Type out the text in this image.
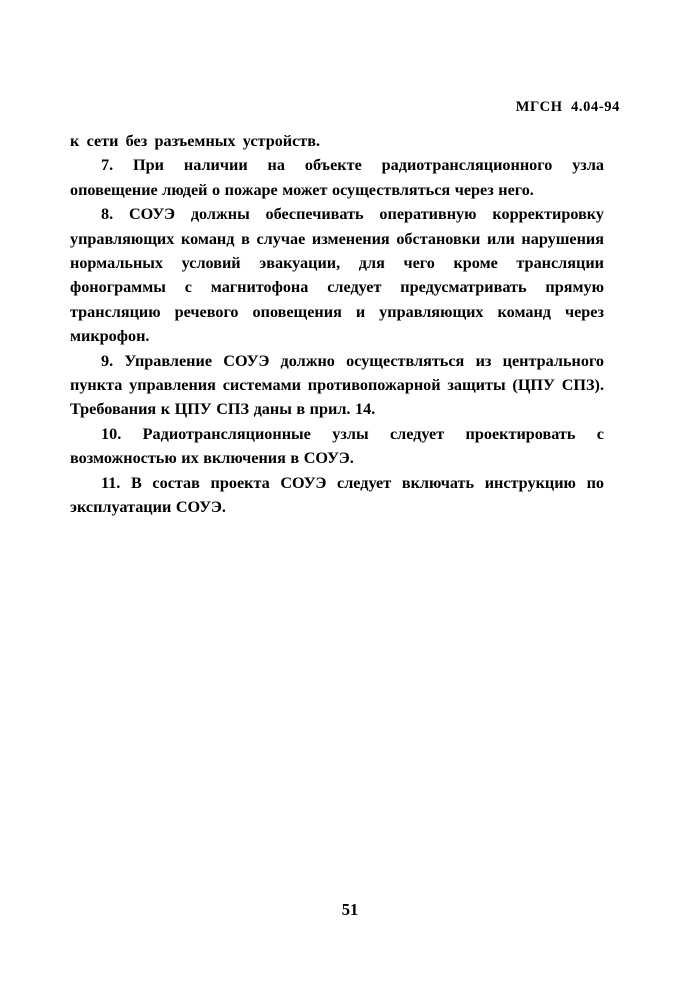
МГСН  4.04-94

к сети без разъемных устройств.

7. При наличии на объекте радиотрансляционного узла оповещение людей о пожаре может осуществляться через него.

8. СОУЭ должны обеспечивать оперативную корректировку управляющих команд в случае изменения обстановки или нарушения нормальных условий эвакуации, для чего кроме трансляции фонограммы с магнитофона следует предусматривать прямую трансляцию речевого оповещения и управляющих команд через микрофон.

9. Управление СОУЭ должно осуществляться из центрального пункта управления системами противопожарной защиты (ЦПУ СПЗ). Требования к ЦПУ СПЗ даны в прил. 14.

10. Радиотрансляционные узлы следует проектировать с возможностью их включения в СОУЭ.

11. В состав проекта СОУЭ следует включать инструкцию по эксплуатации СОУЭ.

51
